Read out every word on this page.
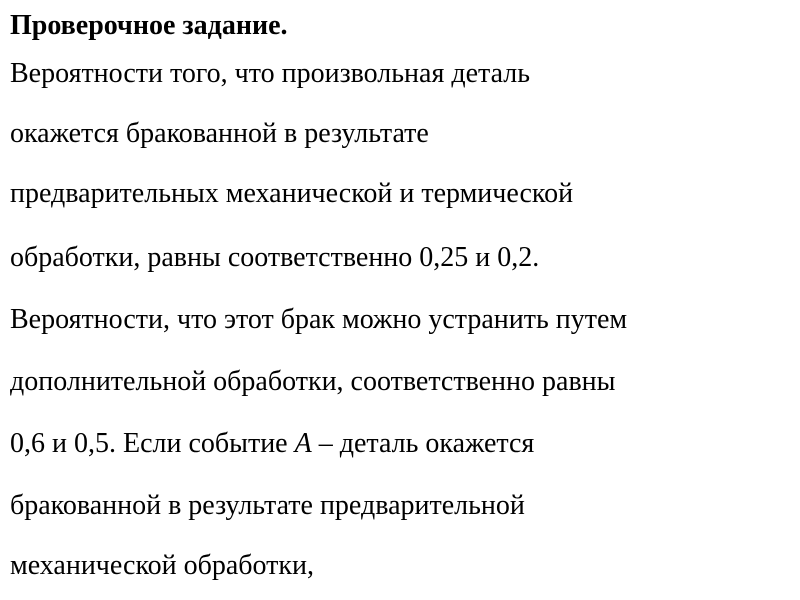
Проверочное задание.
Вероятности того, что произвольная деталь
окажется бракованной в результате
предварительных механической и термической
обработки, равны соответственно 0,25 и 0,2.
Вероятности, что этот брак можно устранить путем
дополнительной обработки, соответственно равны
0,6 и 0,5. Если событие A – деталь окажется
бракованной в результате предварительной
механической обработки,
